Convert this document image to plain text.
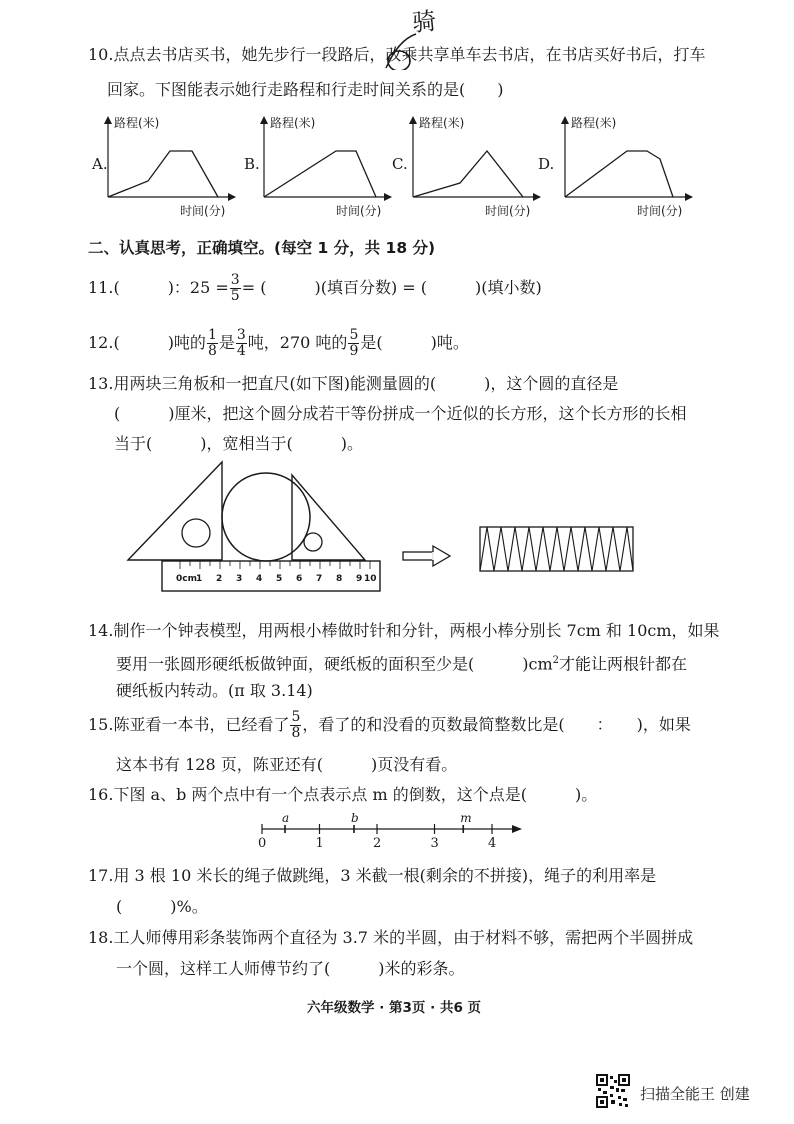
骑
10.点点去书店买书，她先步行一段路后，改乘共享单车去书店，在书店买好书后，打车
回家。下图能表示她行走路程和行走时间关系的是(　　)
A.
路程(米)
时间(分)
B.
路程(米)
时间(分)
C.
路程(米)
时间(分)
D.
路程(米)
时间(分)
二、认真思考，正确填空。(每空 1 分，共 18 分)
11.(　　　)：$25 = \frac{3}{5}$ = (　　　)(填百分数) = (　　　)(填小数)
12.(　　　)吨的 $\frac{1}{8}$ 是 $\frac{3}{4}$ 吨，270 吨的 $\frac{5}{9}$ 是(　　　)吨。
13.用两块三角板和一把直尺(如下图)能测量圆的(　　　)，这个圆的直径是
(　　　)厘米，把这个圆分成若干等份拼成一个近似的长方形，这个长方形的长相
当于(　　　)，宽相当于(　　　)。
0cm 1 2 3 4 5 6 7 8 9 10
14.制作一个钟表模型，用两根小棒做时针和分针，两根小棒分别长 7cm 和 10cm，如果
要用一张圆形硬纸板做钟面，硬纸板的面积至少是(　　　)$cm^2$才能让两根针都在
硬纸板内转动。(π 取 3.14)
15.陈亚看一本书，已经看了 $\frac{5}{8}$ ，看了的和没看的页数最简整数比是(　　：　　)，如果
这本书有 128 页，陈亚还有(　　　)页没有看。
16.下图 a、b 两个点中有一个点表示点 m 的倒数，这个点是(　　　)。
0	1	2	3	4
a	b	m
17.用 3 根 10 米长的绳子做跳绳，3 米截一根(剩余的不拼接)，绳子的利用率是
(　　　)%。
18.工人师傅用彩条装饰两个直径为 3.7 米的半圆，由于材料不够，需把两个半圆拼成
一个圆，这样工人师傅节约了(　　　)米的彩条。
六年级数学 · 第3页 · 共6 页
扫描全能王 创建
